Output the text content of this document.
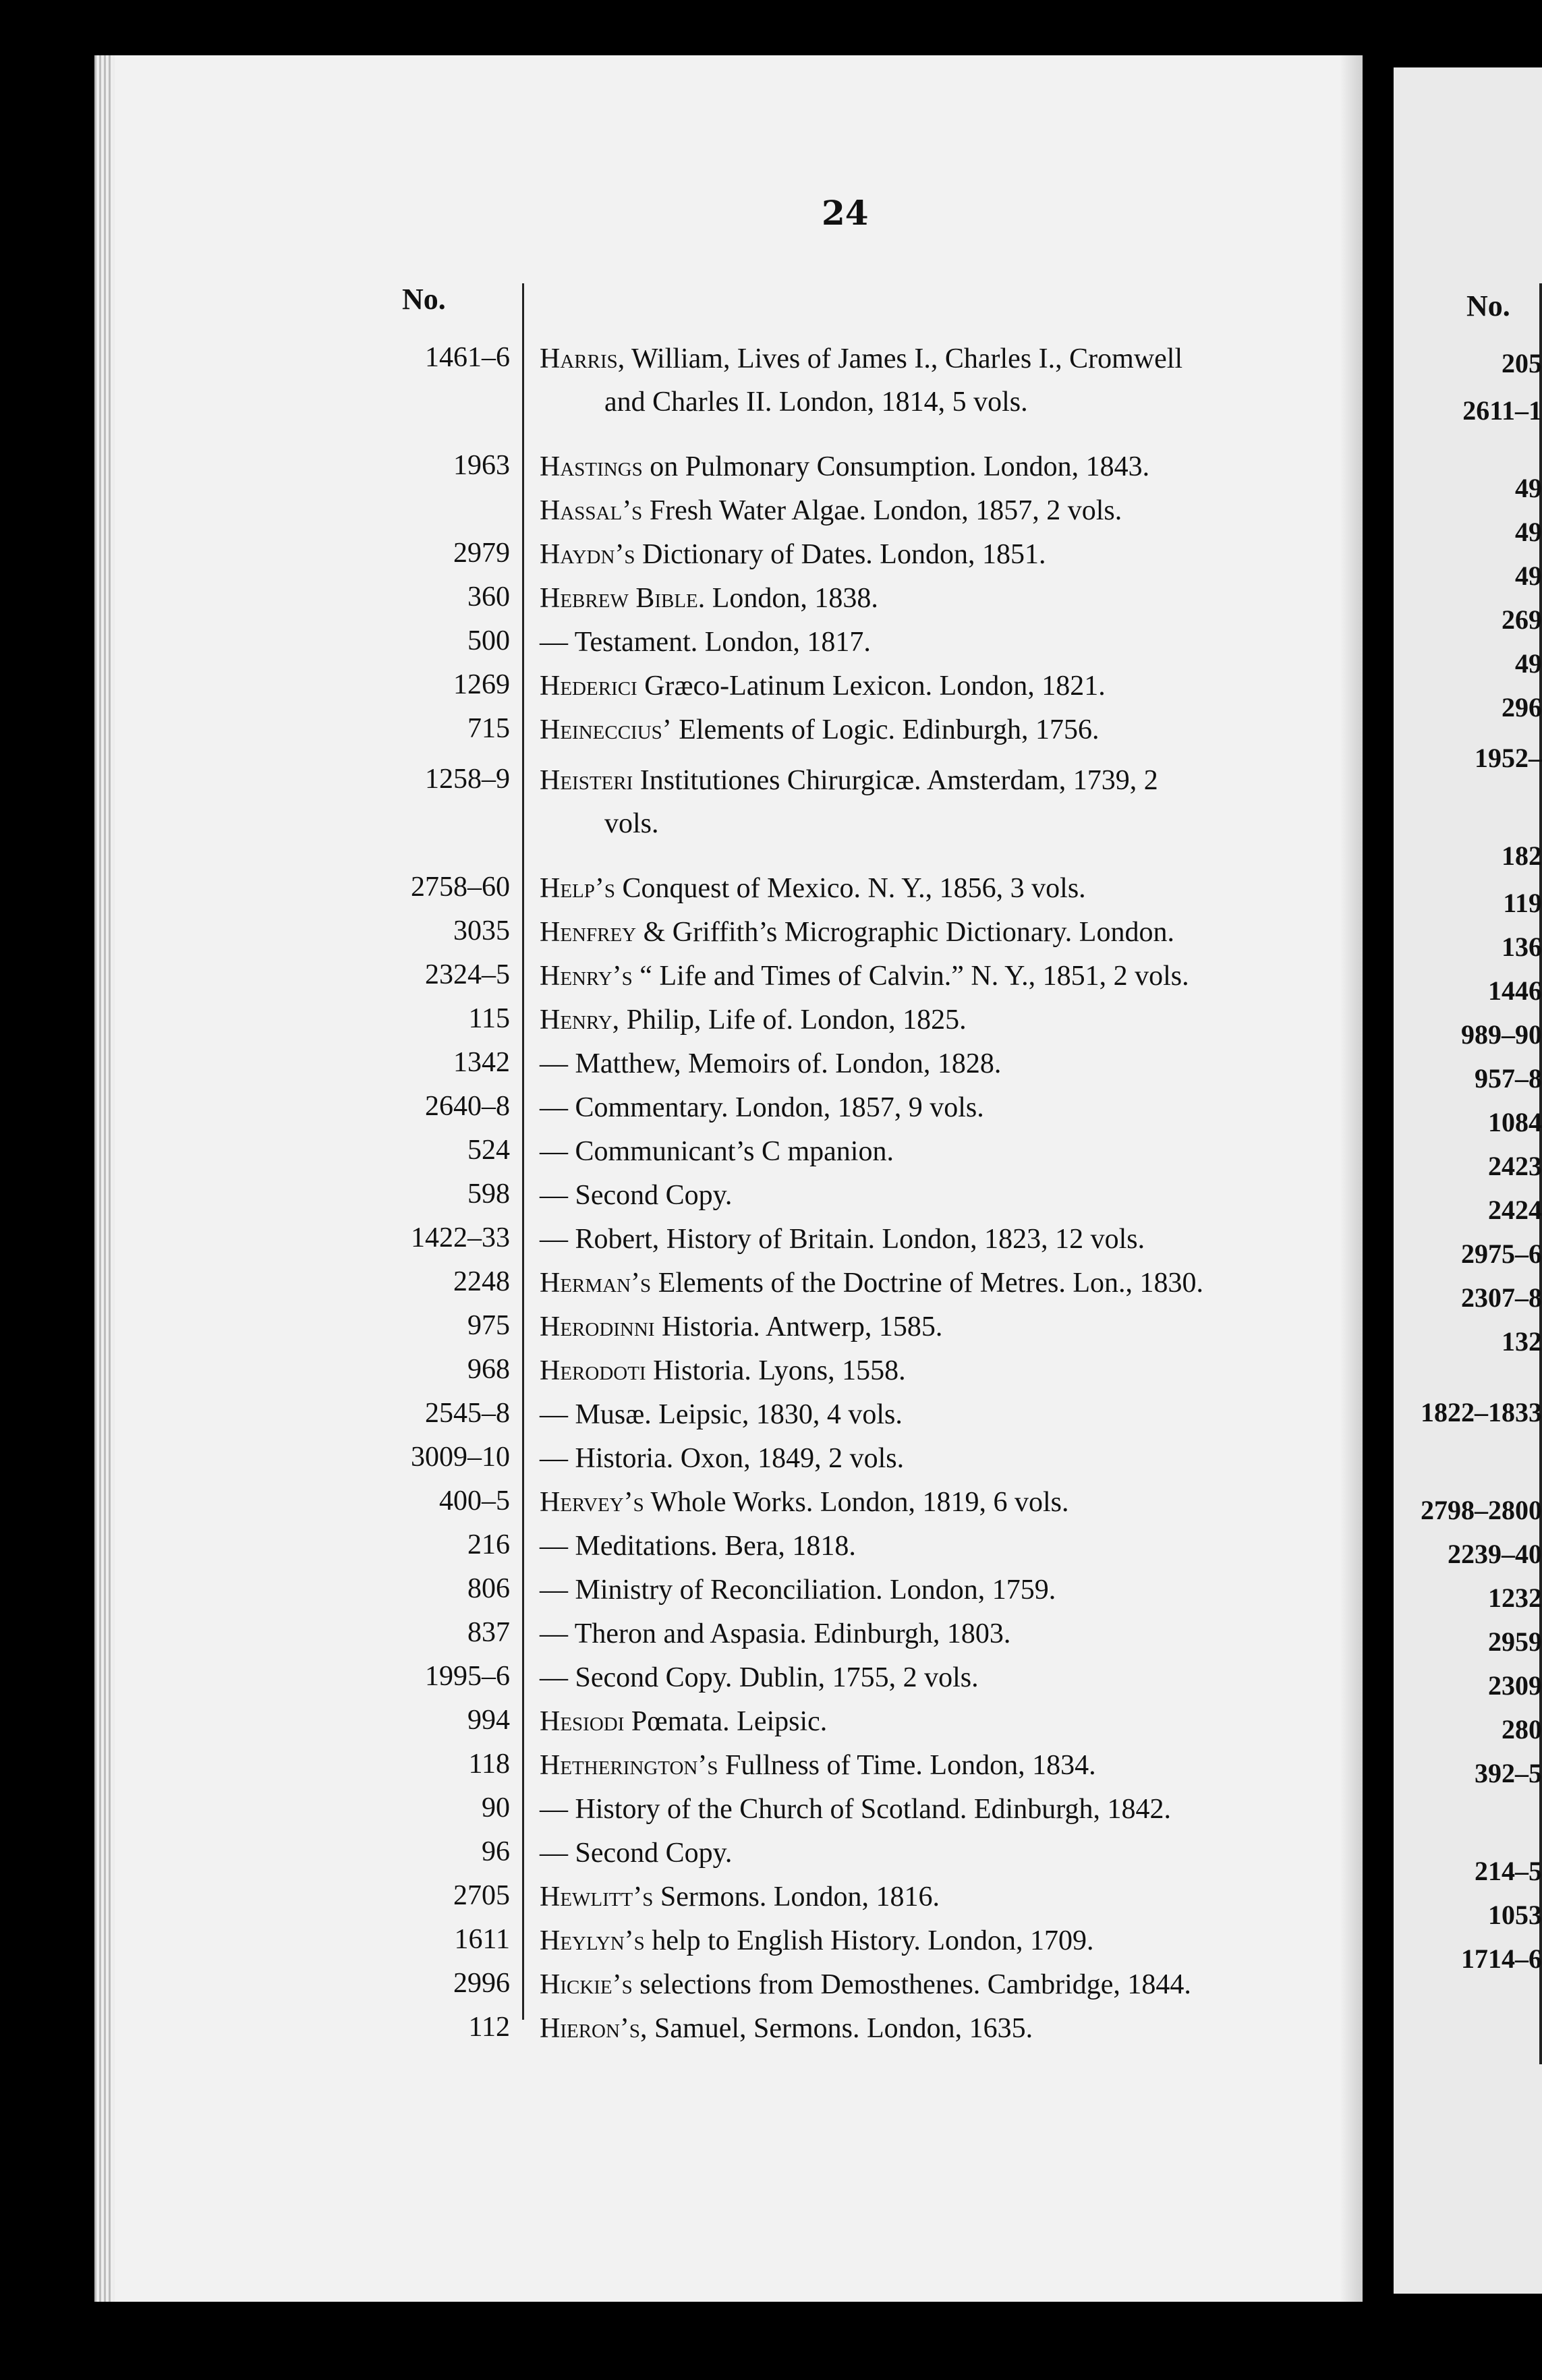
24
No.
1461–6 Harris, William, Lives of James I., Charles I., Cromwell
and Charles II. London, 1814, 5 vols.
1963 Hastings on Pulmonary Consumption. London, 1843.
Hassal’s Fresh Water Algae. London, 1857, 2 vols.
2979 Haydn’s Dictionary of Dates. London, 1851.
360 Hebrew Bible. London, 1838.
500 — Testament. London, 1817.
1269 Hederici Græco-Latinum Lexicon. London, 1821.
715 Heineccius’ Elements of Logic. Edinburgh, 1756.
1258–9 Heisteri Institutiones Chirurgicæ. Amsterdam, 1739, 2
vols.
2758–60 Help’s Conquest of Mexico. N. Y., 1856, 3 vols.
3035 Henfrey & Griffith’s Micrographic Dictionary. London.
2324–5 Henry’s “ Life and Times of Calvin.” N. Y., 1851, 2 vols.
115 Henry, Philip, Life of. London, 1825.
1342 — Matthew, Memoirs of. London, 1828.
2640–8 — Commentary. London, 1857, 9 vols.
524 — Communicant’s C mpanion.
598 — Second Copy.
1422–33 — Robert, History of Britain. London, 1823, 12 vols.
2248 Herman’s Elements of the Doctrine of Metres. Lon., 1830.
975 Herodinni Historia. Antwerp, 1585.
968 Herodoti Historia. Lyons, 1558.
2545–8 — Musæ. Leipsic, 1830, 4 vols.
3009–10 — Historia. Oxon, 1849, 2 vols.
400–5 Hervey’s Whole Works. London, 1819, 6 vols.
216 — Meditations. Bera, 1818.
806 — Ministry of Reconciliation. London, 1759.
837 — Theron and Aspasia. Edinburgh, 1803.
1995–6 — Second Copy. Dublin, 1755, 2 vols.
994 Hesiodi Pœmata. Leipsic.
118 Hetherington’s Fullness of Time. London, 1834.
90 — History of the Church of Scotland. Edinburgh, 1842.
96 — Second Copy.
2705 Hewlitt’s Sermons. London, 1816.
1611 Heylyn’s help to English History. London, 1709.
2996 Hickie’s selections from Demosthenes. Cambridge, 1844.
112 Hieron’s, Samuel, Sermons. London, 1635.
No.
205
2611–1
49
49
49
269
49
296
1952–
182
119
136
1446
989–90
957–8
1084
2423
2424
2975–6
2307–8
132
1822–1833
2798–2800
2239–40
1232
2959
2309
280
392–5
214–5
1053
1714–6
